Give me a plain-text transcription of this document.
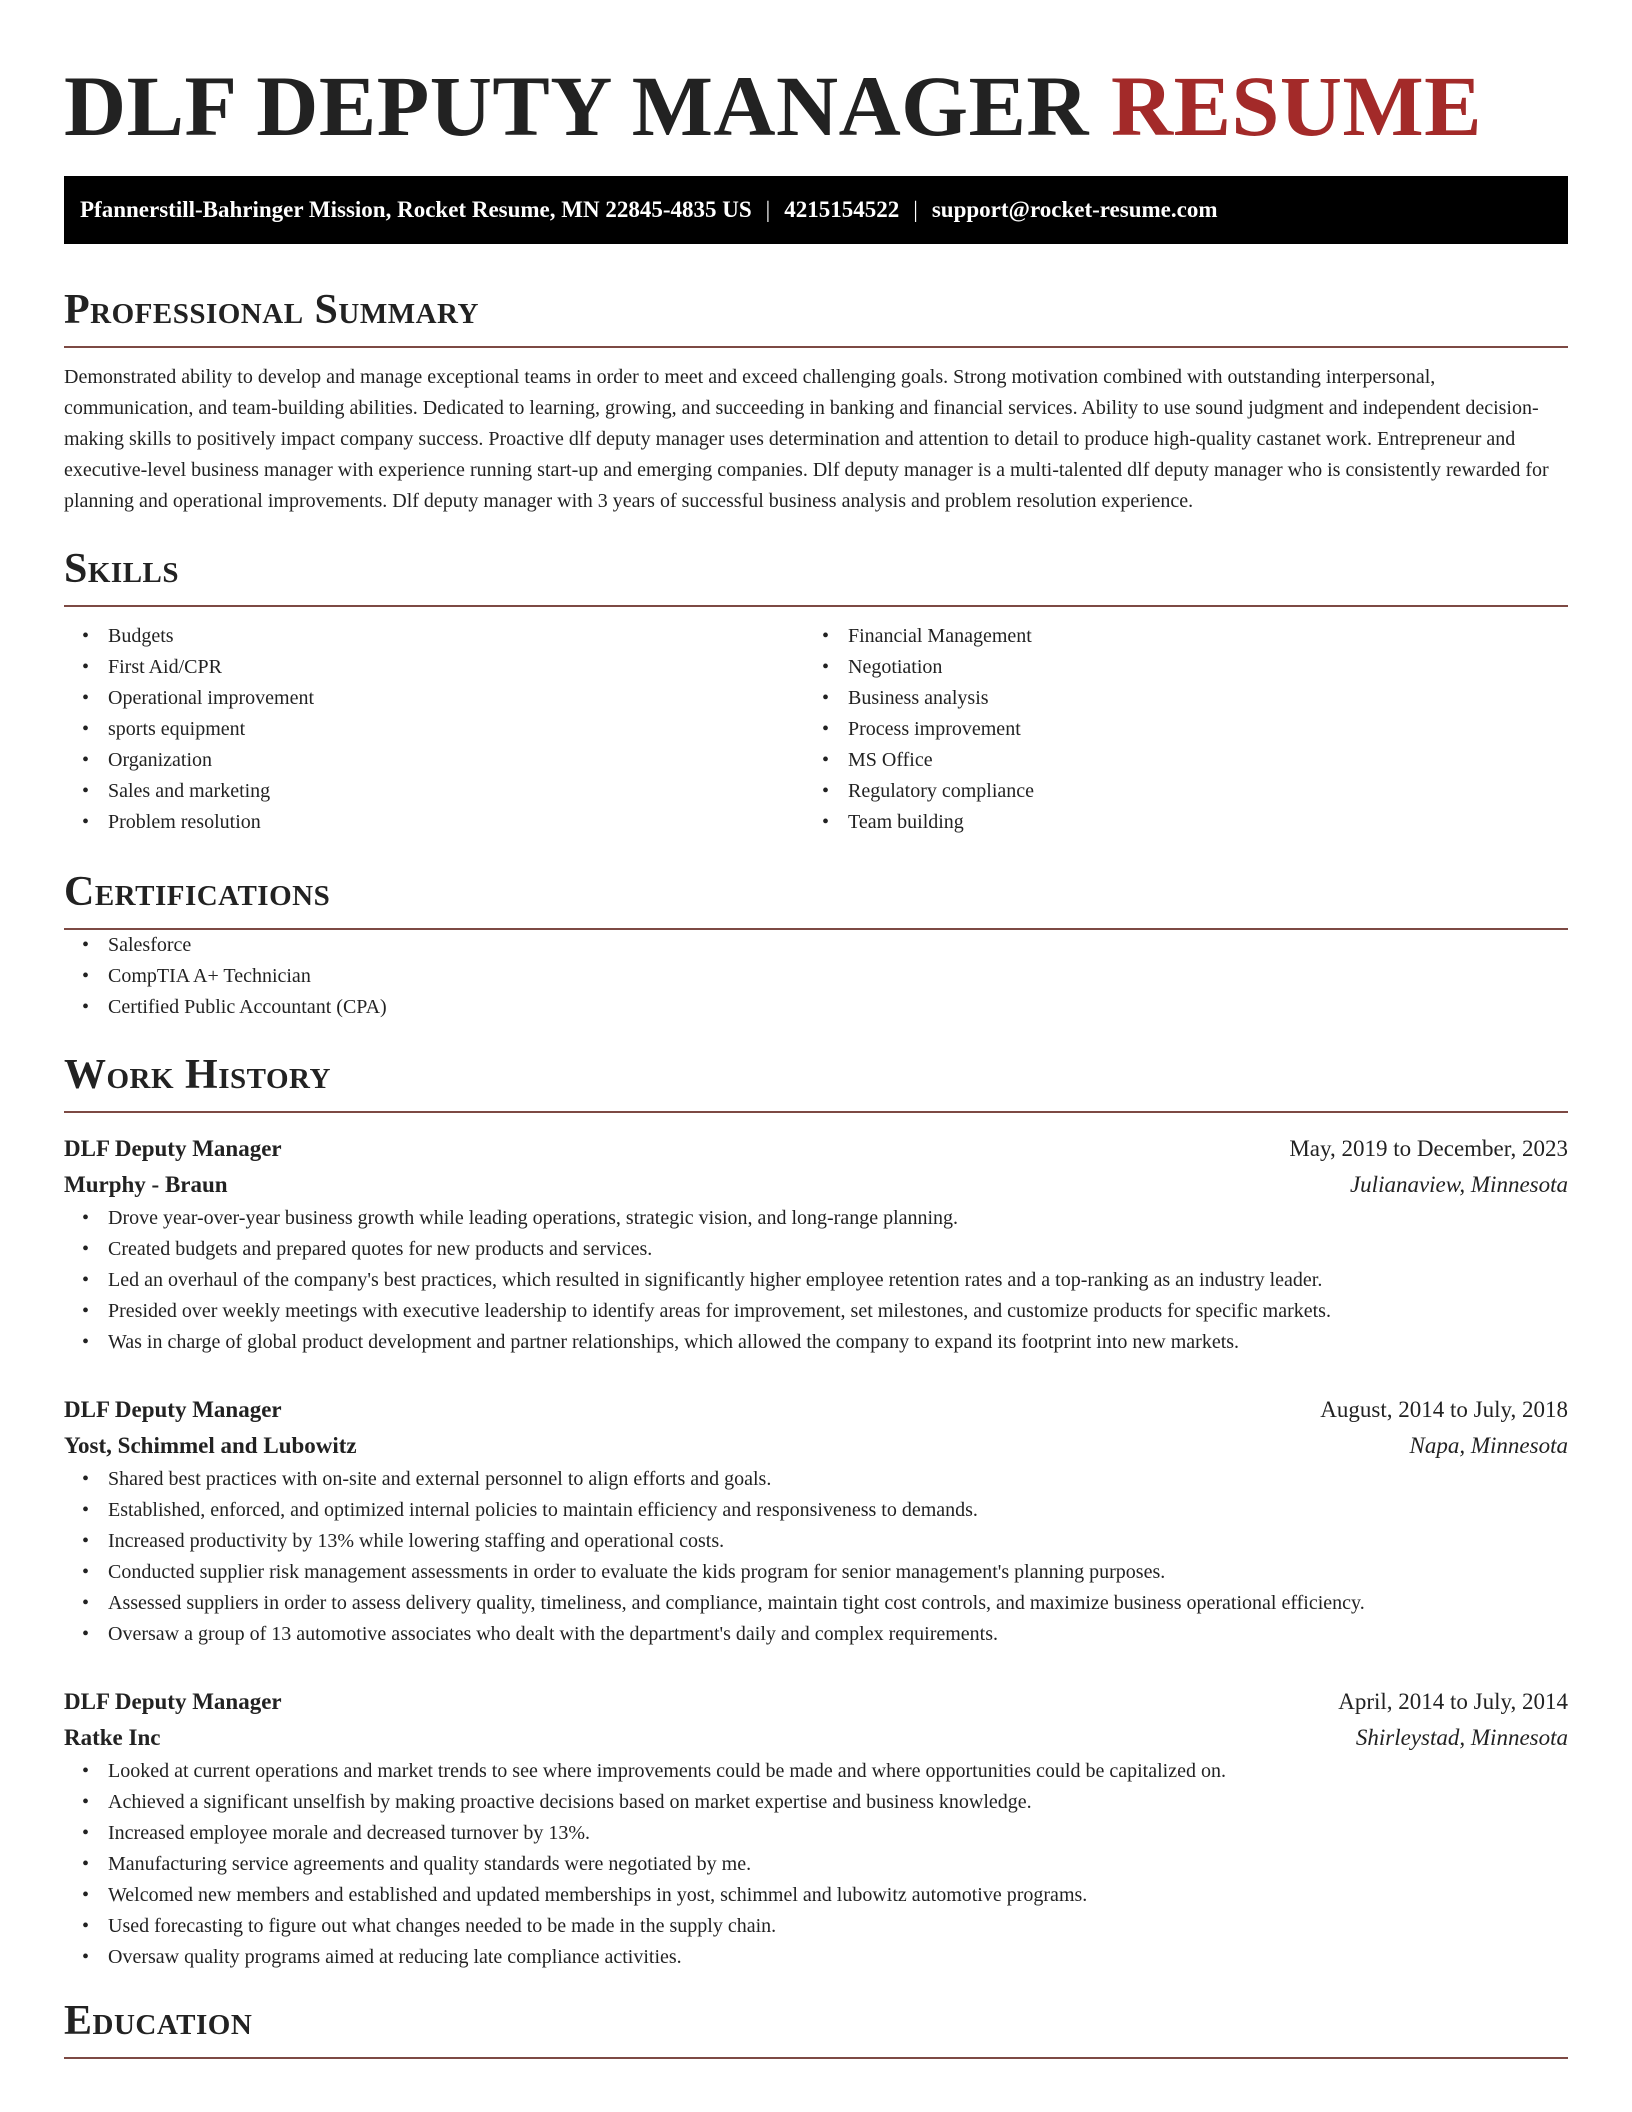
DLF DEPUTY MANAGER RESUME
Pfannerstill-Bahringer Mission, Rocket Resume, MN 22845-4835 US | 4215154522 | support@rocket-resume.com
Professional Summary

Demonstrated ability to develop and manage exceptional teams in order to meet and exceed challenging goals. Strong motivation combined with outstanding interpersonal, communication, and team-building abilities. Dedicated to learning, growing, and succeeding in banking and financial services. Ability to use sound judgment and independent decision-making skills to positively impact company success. Proactive dlf deputy manager uses determination and attention to detail to produce high-quality castanet work. Entrepreneur and executive-level business manager with experience running start-up and emerging companies. Dlf deputy manager is a multi-talented dlf deputy manager who is consistently rewarded for planning and operational improvements. Dlf deputy manager with 3 years of successful business analysis and problem resolution experience.

Skills
• Budgets
• First Aid/CPR
• Operational improvement
• sports equipment
• Organization
• Sales and marketing
• Problem resolution
• Financial Management
• Negotiation
• Business analysis
• Process improvement
• MS Office
• Regulatory compliance
• Team building
Certifications
• Salesforce
• CompTIA A+ Technician
• Certified Public Accountant (CPA)
Work History
DLF Deputy Manager	May, 2019 to December, 2023
Murphy - Braun	Julianaview, Minnesota
• Drove year-over-year business growth while leading operations, strategic vision, and long-range planning.
• Created budgets and prepared quotes for new products and services.
• Led an overhaul of the company's best practices, which resulted in significantly higher employee retention rates and a top-ranking as an industry leader.
• Presided over weekly meetings with executive leadership to identify areas for improvement, set milestones, and customize products for specific markets.
• Was in charge of global product development and partner relationships, which allowed the company to expand its footprint into new markets.
DLF Deputy Manager	August, 2014 to July, 2018
Yost, Schimmel and Lubowitz	Napa, Minnesota
• Shared best practices with on-site and external personnel to align efforts and goals.
• Established, enforced, and optimized internal policies to maintain efficiency and responsiveness to demands.
• Increased productivity by 13% while lowering staffing and operational costs.
• Conducted supplier risk management assessments in order to evaluate the kids program for senior management's planning purposes.
• Assessed suppliers in order to assess delivery quality, timeliness, and compliance, maintain tight cost controls, and maximize business operational efficiency.
• Oversaw a group of 13 automotive associates who dealt with the department's daily and complex requirements.
DLF Deputy Manager	April, 2014 to July, 2014
Ratke Inc	Shirleystad, Minnesota
• Looked at current operations and market trends to see where improvements could be made and where opportunities could be capitalized on.
• Achieved a significant unselfish by making proactive decisions based on market expertise and business knowledge.
• Increased employee morale and decreased turnover by 13%.
• Manufacturing service agreements and quality standards were negotiated by me.
• Welcomed new members and established and updated memberships in yost, schimmel and lubowitz automotive programs.
• Used forecasting to figure out what changes needed to be made in the supply chain.
• Oversaw quality programs aimed at reducing late compliance activities.
Education
